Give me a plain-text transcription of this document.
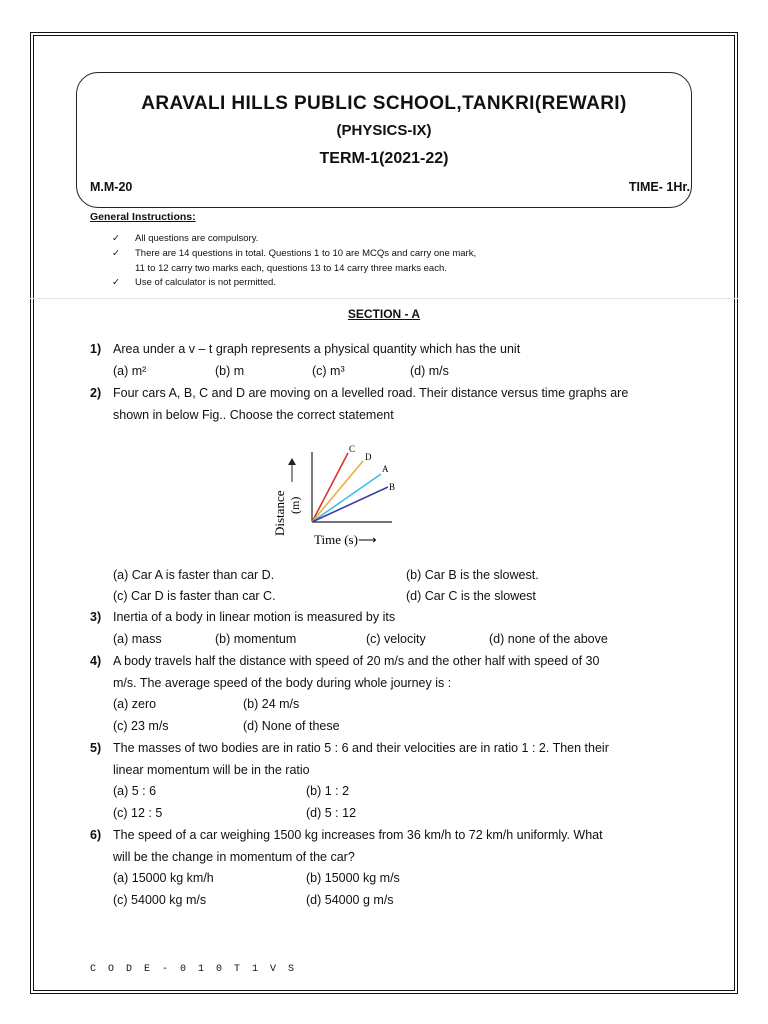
ARAVALI HILLS PUBLIC SCHOOL,TANKRI(REWARI)
(PHYSICS-IX)
TERM-1(2021-22)
M.M-20	TIME- 1Hr.
General Instructions:
✓ All questions are compulsory.
✓ There are 14 questions in total. Questions 1 to 10 are MCQs and carry one mark,
11 to 12 carry two marks each, questions 13 to 14 carry three marks each.
✓ Use of calculator is not permitted.
SECTION - A
1) Area under a v – t graph represents a physical quantity which has the unit
(a) m²	(b) m	(c) m³	(d) m/s
2) Four cars A, B, C and D are moving on a levelled road. Their distance versus time graphs are
shown in below Fig.. Choose the correct statement
C
D
A
B
Distance (m)
Time (s)⟶
(a) Car A is faster than car D.	(b) Car B is the slowest.
(c) Car D is faster than car C.	(d) Car C is the slowest
3) Inertia of a body in linear motion is measured by its
(a) mass	(b) momentum	(c) velocity	(d) none of the above
4) A body travels half the distance with speed of 20 m/s and the other half with speed of 30
m/s. The average speed of the body during whole journey is :
(a) zero	(b) 24 m/s
(c) 23 m/s	(d) None of these
5) The masses of two bodies are in ratio 5 : 6 and their velocities are in ratio 1 : 2. Then their
linear momentum will be in the ratio
(a) 5 : 6	(b) 1 : 2
(c) 12 : 5	(d) 5 : 12
6) The speed of a car weighing 1500 kg increases from 36 km/h to 72 km/h uniformly. What
will be the change in momentum of the car?
(a) 15000 kg km/h	(b) 15000 kg m/s
(c) 54000 kg m/s	(d) 54000 g m/s
C O D E - 0 1 0 T 1 V S
